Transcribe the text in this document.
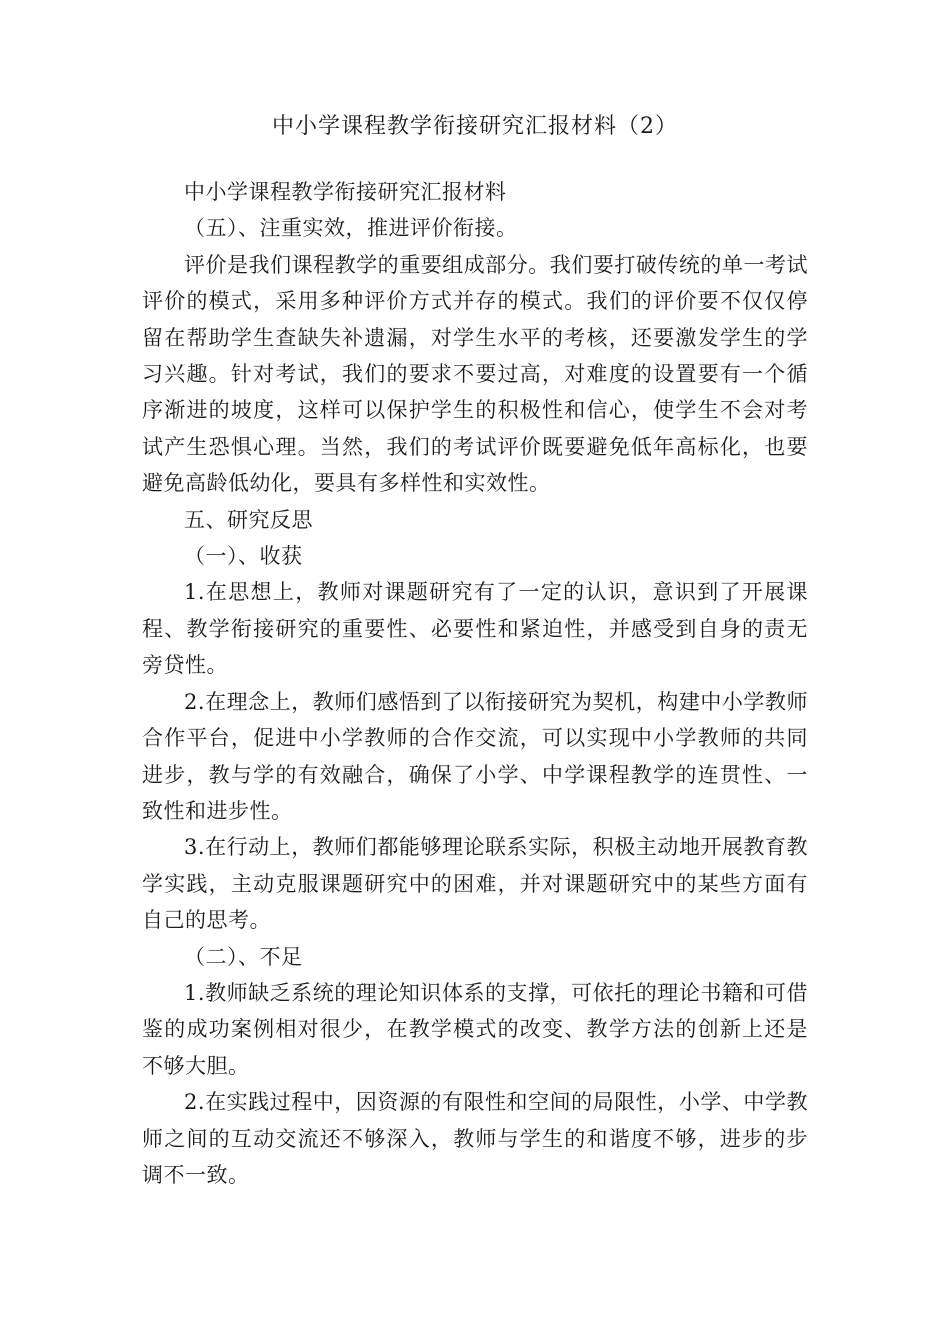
中小学课程教学衔接研究汇报材料（2）

中小学课程教学衔接研究汇报材料

（五）、注重实效，推进评价衔接。

评价是我们课程教学的重要组成部分。我们要打破传统的单一考试评价的模式，采用多种评价方式并存的模式。我们的评价要不仅仅停留在帮助学生查缺失补遗漏，对学生水平的考核，还要激发学生的学习兴趣。针对考试，我们的要求不要过高，对难度的设置要有一个循序渐进的坡度，这样可以保护学生的积极性和信心，使学生不会对考试产生恐惧心理。当然，我们的考试评价既要避免低年高标化，也要避免高龄低幼化，要具有多样性和实效性。

五、研究反思

（一）、收获

1.在思想上，教师对课题研究有了一定的认识，意识到了开展课程、教学衔接研究的重要性、必要性和紧迫性，并感受到自身的责无旁贷性。

2.在理念上，教师们感悟到了以衔接研究为契机，构建中小学教师合作平台，促进中小学教师的合作交流，可以实现中小学教师的共同进步，教与学的有效融合，确保了小学、中学课程教学的连贯性、一致性和进步性。

3.在行动上，教师们都能够理论联系实际，积极主动地开展教育教学实践，主动克服课题研究中的困难，并对课题研究中的某些方面有自己的思考。

（二）、不足

1.教师缺乏系统的理论知识体系的支撑，可依托的理论书籍和可借鉴的成功案例相对很少，在教学模式的改变、教学方法的创新上还是不够大胆。

2.在实践过程中，因资源的有限性和空间的局限性，小学、中学教师之间的互动交流还不够深入，教师与学生的和谐度不够，进步的步调不一致。
